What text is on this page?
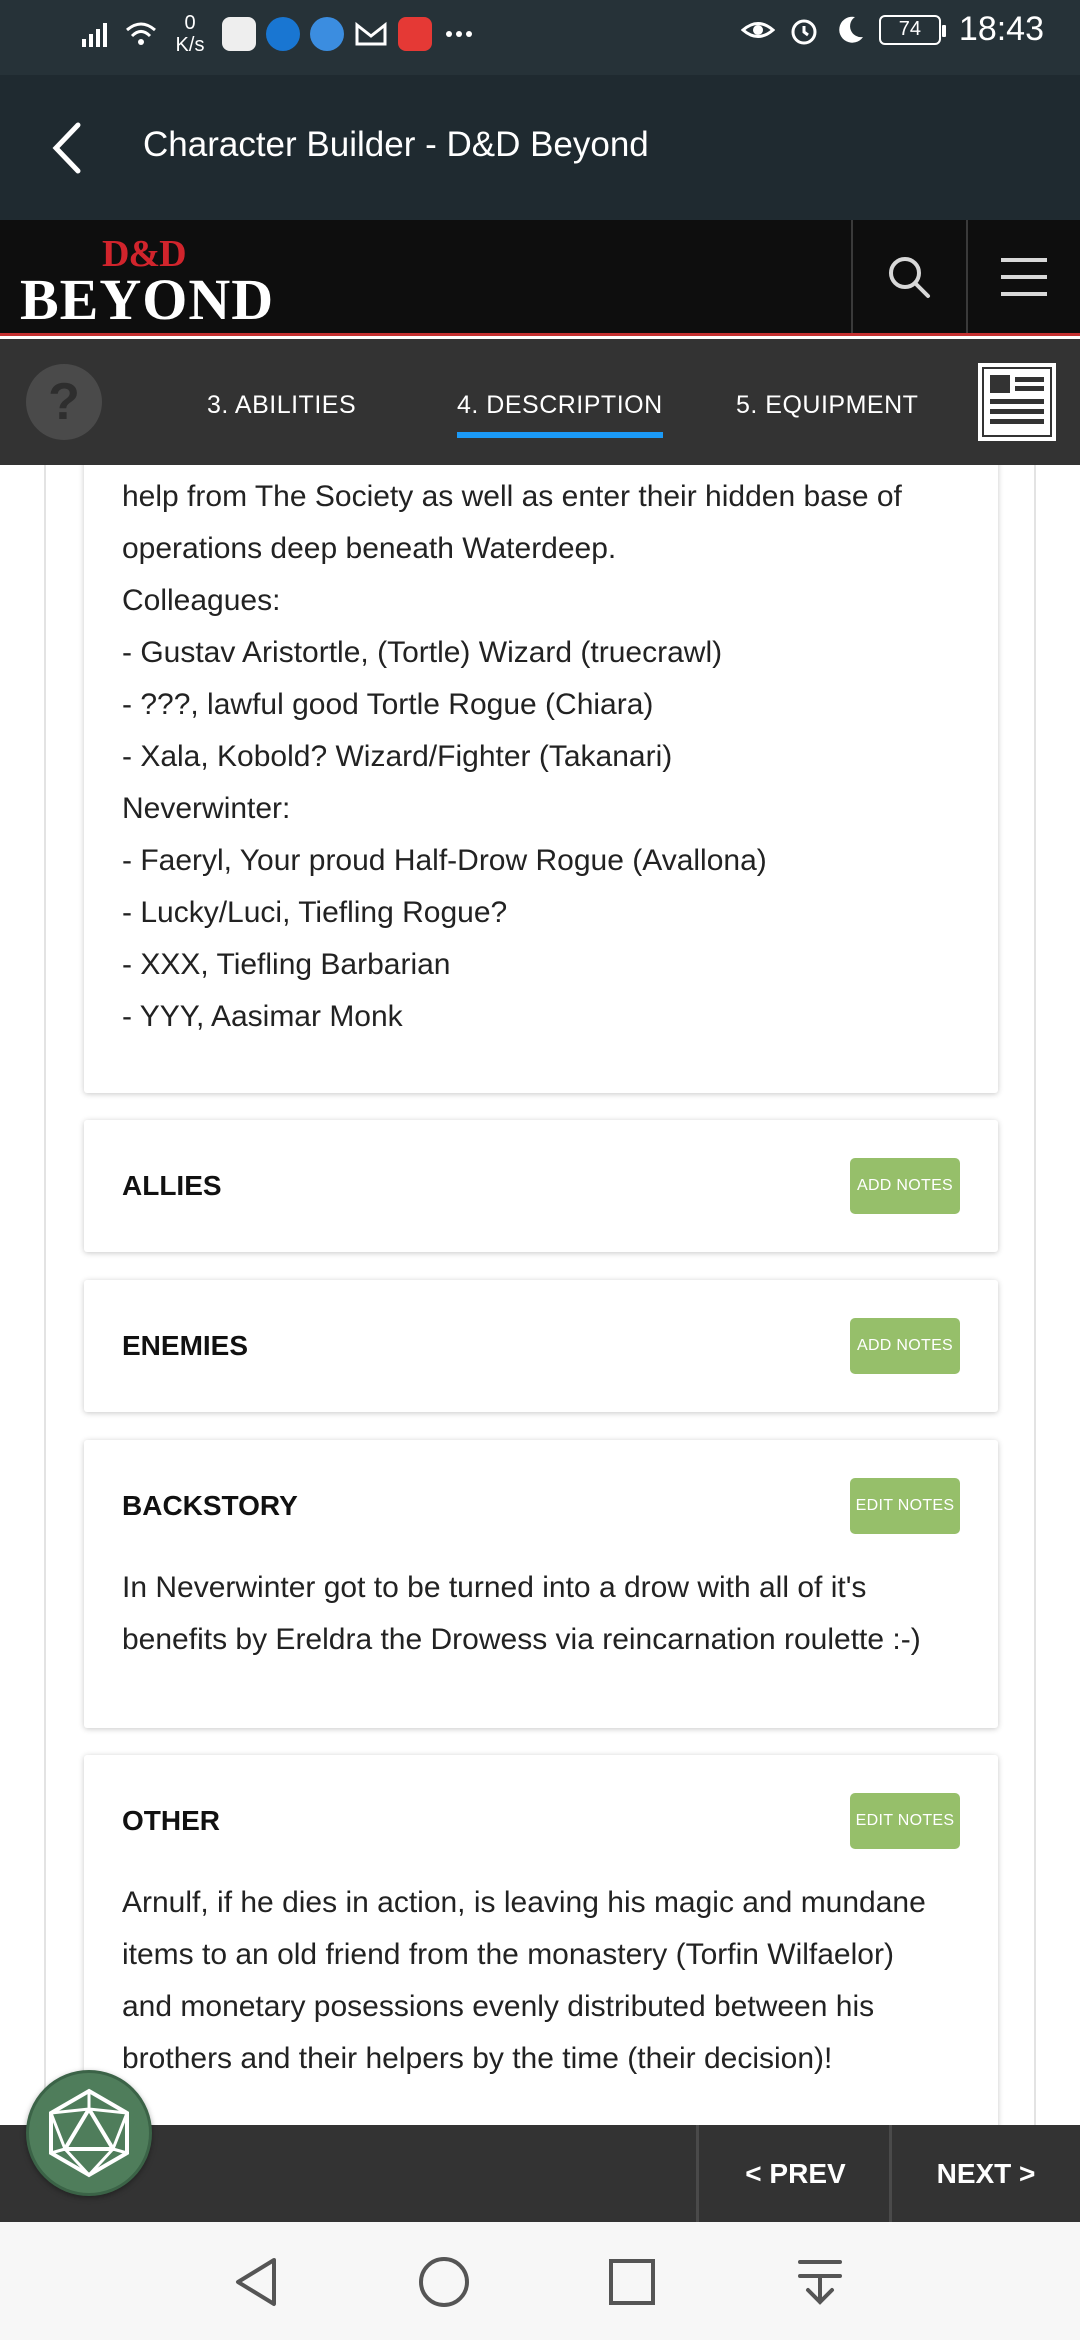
0
K/s
74 18:43
Character Builder - D&D Beyond
D&D
BEYOND
?	3. ABILITIES	4. DESCRIPTION	5. EQUIPMENT
help from The Society as well as enter their hidden base of
operations deep beneath Waterdeep.
Colleagues:
- Gustav Aristortle, (Tortle) Wizard (truecrawl)
- ???, lawful good Tortle Rogue (Chiara)
- Xala, Kobold? Wizard/Fighter (Takanari)
Neverwinter:
- Faeryl, Your proud Half-Drow Rogue (Avallona)
- Lucky/Luci, Tiefling Rogue?
- XXX, Tiefling Barbarian
- YYY, Aasimar Monk
ALLIES	ADD NOTES
ENEMIES	ADD NOTES
BACKSTORY	EDIT NOTES
In Neverwinter got to be turned into a drow with all of it's
benefits by Ereldra the Drowess via reincarnation roulette :-)
OTHER	EDIT NOTES
Arnulf, if he dies in action, is leaving his magic and mundane
items to an old friend from the monastery (Torfin Wilfaelor)
and monetary posessions evenly distributed between his
brothers and their helpers by the time (their decision)!
< PREV	NEXT >
